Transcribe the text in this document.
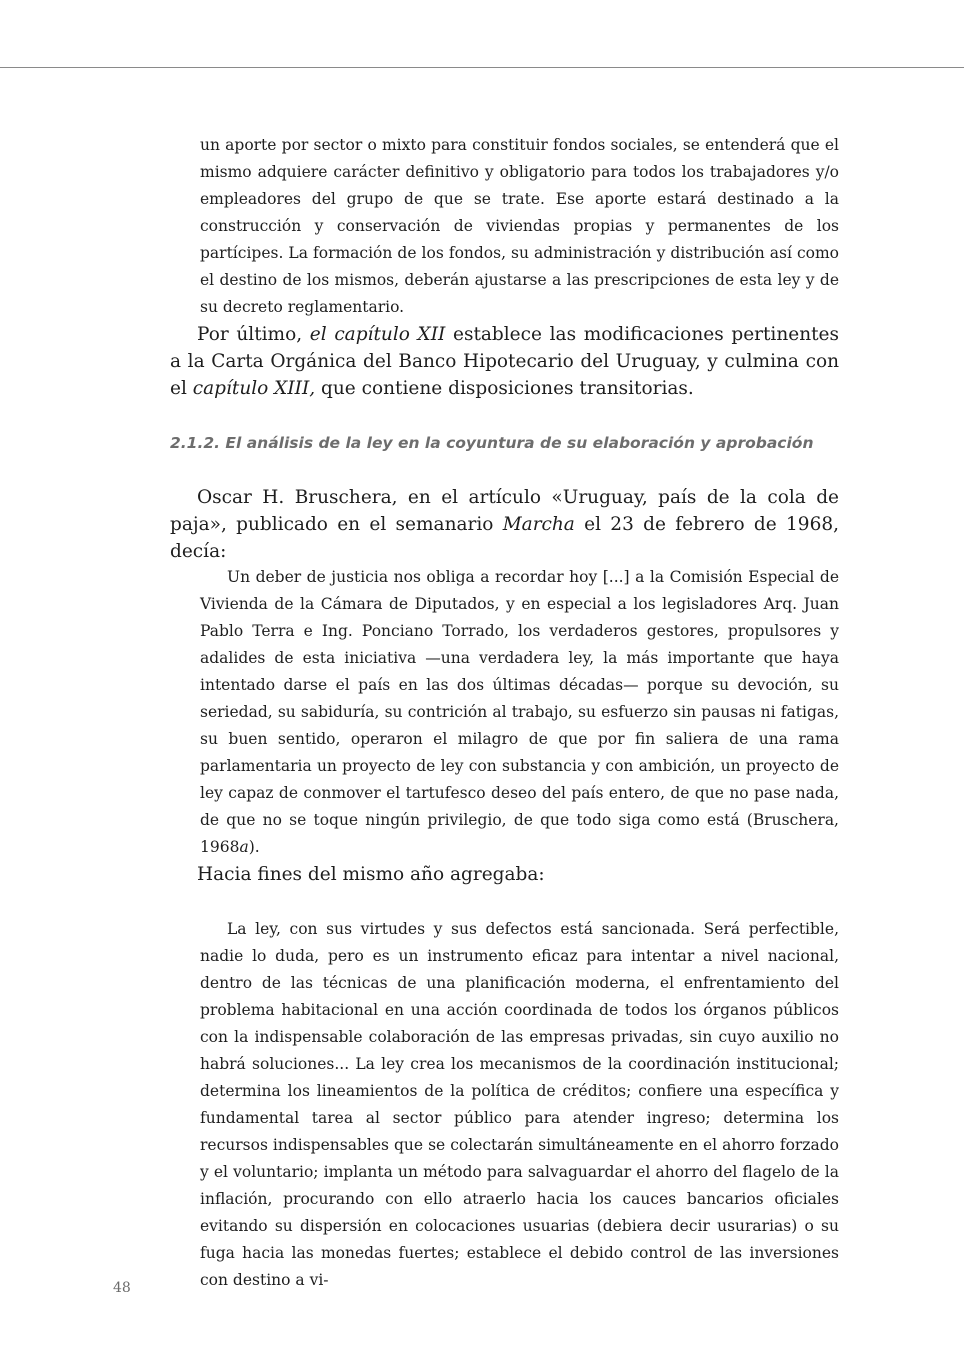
un aporte por sector o mixto para constituir fondos sociales, se entenderá que el mismo adquiere carácter definitivo y obligatorio para todos los trabajadores y/o empleadores del grupo de que se trate. Ese aporte estará destinado a la construcción y conservación de viviendas propias y permanentes de los partícipes. La formación de los fondos, su administración y distribución así como el destino de los mismos, deberán ajustarse a las prescripciones de esta ley y de su decreto reglamentario.

Por último, el capítulo XII establece las modificaciones pertinentes a la Carta Orgánica del Banco Hipotecario del Uruguay, y culmina con el capítulo XIII, que contiene disposiciones transitorias.

2.1.2. El análisis de la ley en la coyuntura de su elaboración y aprobación

Oscar H. Bruschera, en el artículo «Uruguay, país de la cola de paja», publicado en el semanario Marcha el 23 de febrero de 1968, decía:

Un deber de justicia nos obliga a recordar hoy [...] a la Comisión Especial de Vivienda de la Cámara de Diputados, y en especial a los legisladores Arq. Juan Pablo Terra e Ing. Ponciano Torrado, los verdaderos gestores, propulsores y adalides de esta iniciativa —una verdadera ley, la más importante que haya intentado darse el país en las dos últimas décadas— porque su devoción, su seriedad, su sabiduría, su contrición al trabajo, su esfuerzo sin pausas ni fatigas, su buen sentido, operaron el milagro de que por fin saliera de una rama parlamentaria un proyecto de ley con substancia y con ambición, un proyecto de ley capaz de conmover el tartufesco deseo del país entero, de que no pase nada, de que no se toque ningún privilegio, de que todo siga como está (Bruschera, 1968a).

Hacia fines del mismo año agregaba:

La ley, con sus virtudes y sus defectos está sancionada. Será perfectible, nadie lo duda, pero es un instrumento eficaz para intentar a nivel nacional, dentro de las técnicas de una planificación moderna, el enfrentamiento del problema habitacional en una acción coordinada de todos los órganos públicos con la indispensable colaboración de las empresas privadas, sin cuyo auxilio no habrá soluciones... La ley crea los mecanismos de la coordinación institucional; determina los lineamientos de la política de créditos; confiere una específica y fundamental tarea al sector público para atender ingreso; determina los recursos indispensables que se colectarán simultáneamente en el ahorro forzado y el voluntario; implanta un método para salvaguardar el ahorro del flagelo de la inflación, procurando con ello atraerlo hacia los cauces bancarios oficiales evitando su dispersión en colocaciones usuarias (debiera decir usurarias) o su fuga hacia las monedas fuertes; establece el debido control de las inversiones con destino a vi-

48
